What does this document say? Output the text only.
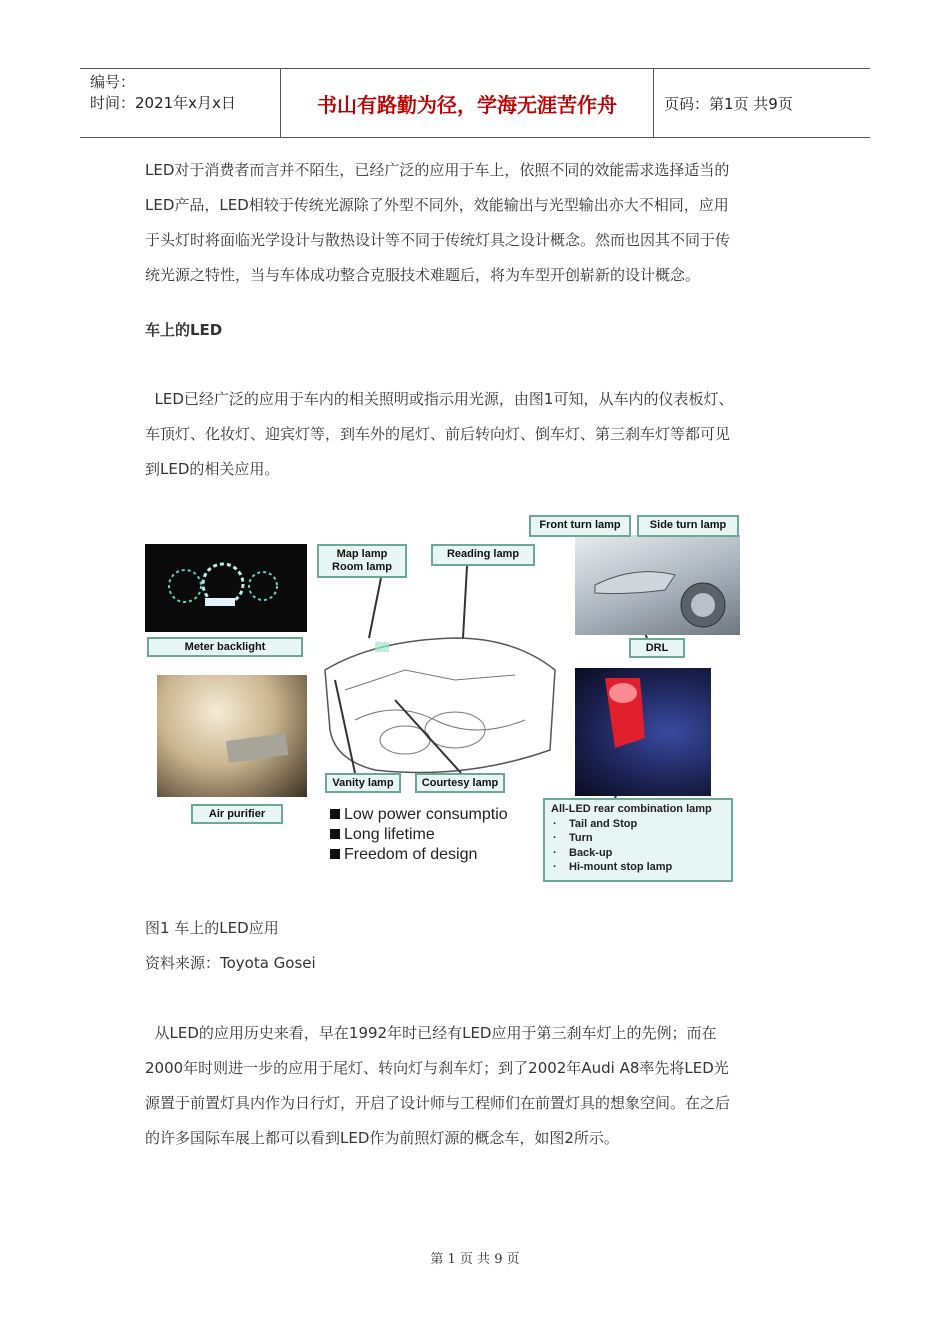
编号：
时间：2021年x月x日	书山有路勤为径，学海无涯苦作舟	页码：第1页 共9页

LED对于消费者而言并不陌生，已经广泛的应用于车上，依照不同的效能需求选择适当的

LED产品，LED相较于传统光源除了外型不同外，效能输出与光型输出亦大不相同，应用

于头灯时将面临光学设计与散热设计等不同于传统灯具之设计概念。然而也因其不同于传

统光源之特性，当与车体成功整合克服技术难题后，将为车型开创崭新的设计概念。

车上的LED

LED已经广泛的应用于车内的相关照明或指示用光源，由图1可知，从车内的仪表板灯、

车顶灯、化妆灯、迎宾灯等，到车外的尾灯、前后转向灯、倒车灯、第三刹车灯等都可见

到LED的相关应用。

Meter backlight
Air purifier
Map lamp
Room lamp
Reading lamp
Vanity lamp	Courtesy lamp
Front turn lamp	Side turn lamp
DRL
All-LED rear combination lamp
· Tail and Stop
· Turn
· Back-up
· Hi-mount stop lamp
Low power consumptio
Long lifetime
Freedom of design

图1 车上的LED应用

资料来源：Toyota Gosei

从LED的应用历史来看，早在1992年时已经有LED应用于第三刹车灯上的先例；而在

2000年时则进一步的应用于尾灯、转向灯与刹车灯；到了2002年Audi A8率先将LED光

源置于前置灯具内作为日行灯，开启了设计师与工程师们在前置灯具的想象空间。在之后

的许多国际车展上都可以看到LED作为前照灯源的概念车，如图2所示。

第 1 页 共 9 页
